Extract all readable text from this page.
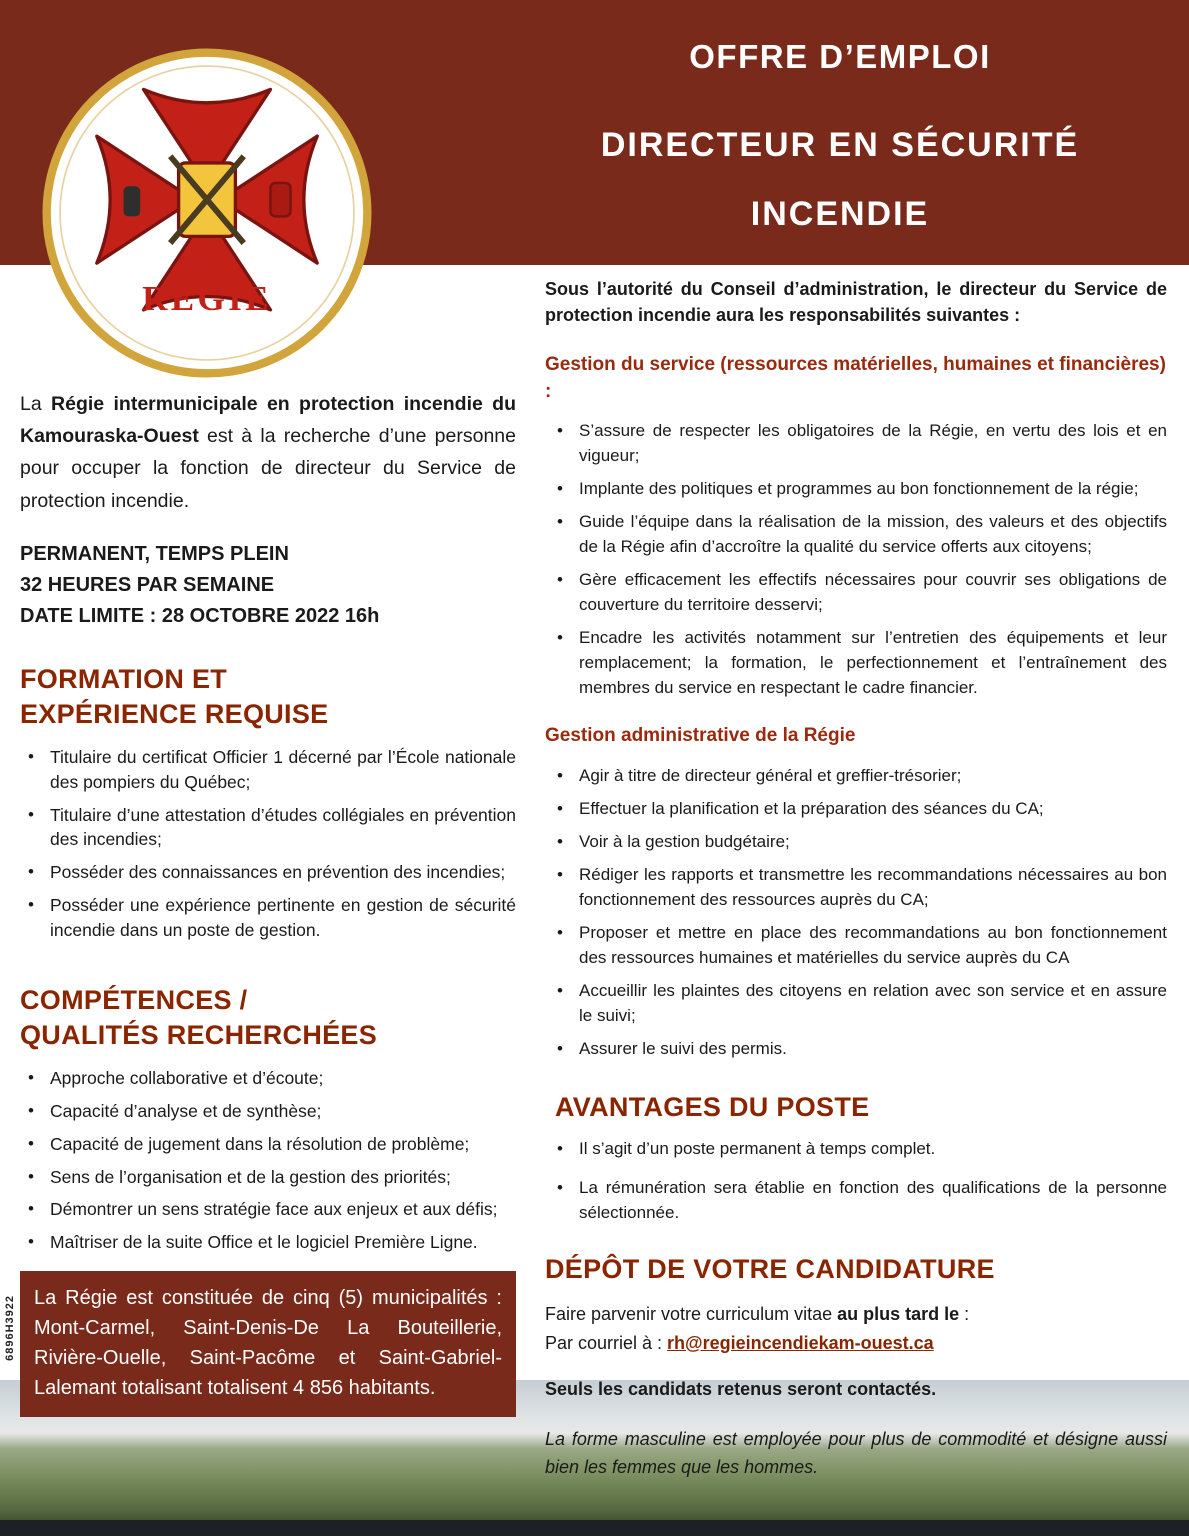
OFFRE D’EMPLOI
DIRECTEUR EN SÉCURITÉ
INCENDIE
RÉGIE
6896H3922

La Régie intermunicipale en protection incendie du Kamouraska-Ouest est à la recherche d’une personne pour occuper la fonction de directeur du Service de protection incendie.

PERMANENT, TEMPS PLEIN
32 HEURES PAR SEMAINE
DATE LIMITE : 28 OCTOBRE 2022 16h
FORMATION ET
EXPÉRIENCE REQUISE
• Titulaire du certificat Officier 1 décerné par l’École nationale des pompiers du Québec;
• Titulaire d’une attestation d’études collégiales en prévention des incendies;
• Posséder des connaissances en prévention des incendies;
• Posséder une expérience pertinente en gestion de sécurité incendie dans un poste de gestion.
COMPÉTENCES /
QUALITÉS RECHERCHÉES
• Approche collaborative et d’écoute;
• Capacité d’analyse et de synthèse;
• Capacité de jugement dans la résolution de problème;
• Sens de l’organisation et de la gestion des priorités;
• Démontrer un sens stratégie face aux enjeux et aux défis;
• Maîtriser de la suite Office et le logiciel Première Ligne.
La Régie est constituée de cinq (5) municipalités : Mont-Carmel, Saint-Denis-De La Bouteillerie, Rivière-Ouelle, Saint-Pacôme et Saint-Gabriel-Lalemant totalisant totalisent 4 856 habitants.

Sous l’autorité du Conseil d’administration, le directeur du Service de protection incendie aura les responsabilités suivantes :

Gestion du service (ressources matérielles, humaines et financières) :
• S’assure de respecter les obligatoires de la Régie, en vertu des lois et en vigueur;
• Implante des politiques et programmes au bon fonctionnement de la régie;
• Guide l’équipe dans la réalisation de la mission, des valeurs et des objectifs de la Régie afin d’accroître la qualité du service offerts aux citoyens;
• Gère efficacement les effectifs nécessaires pour couvrir ses obligations de couverture du territoire desservi;
• Encadre les activités notamment sur l’entretien des équipements et leur remplacement; la formation, le perfectionnement et l’entraînement des membres du service en respectant le cadre financier.
Gestion administrative de la Régie
• Agir à titre de directeur général et greffier-trésorier;
• Effectuer la planification et la préparation des séances du CA;
• Voir à la gestion budgétaire;
• Rédiger les rapports et transmettre les recommandations nécessaires au bon fonctionnement des ressources auprès du CA;
• Proposer et mettre en place des recommandations au bon fonctionnement des ressources humaines et matérielles du service auprès du CA
• Accueillir les plaintes des citoyens en relation avec son service et en assure le suivi;
• Assurer le suivi des permis.
AVANTAGES DU POSTE
• Il s’agit d’un poste permanent à temps complet.
• La rémunération sera établie en fonction des qualifications de la personne sélectionnée.
DÉPÔT DE VOTRE CANDIDATURE
Faire parvenir votre curriculum vitae au plus tard le :
Par courriel à : rh@regieincendiekam-ouest.ca
Seuls les candidats retenus seront contactés.
La forme masculine est employée pour plus de commodité et désigne aussi bien les femmes que les hommes.
